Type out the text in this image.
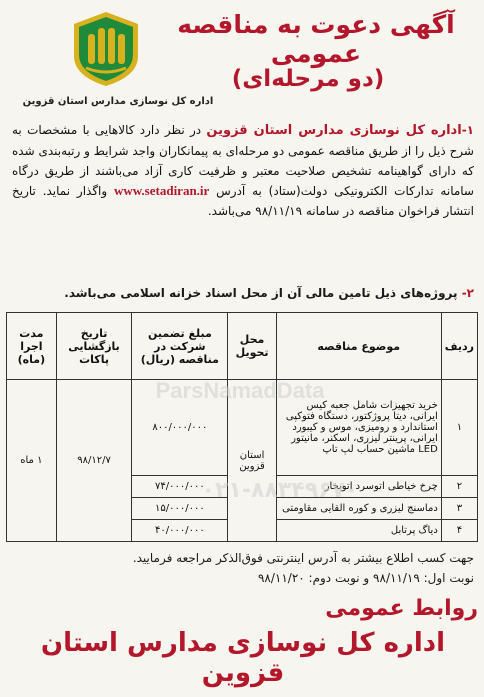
اداره کل نوسازی مدارس استان قزوین
آگهی دعوت به مناقصه عمومی
(دو مرحله‌ای)
۱-اداره کل نوسازی مدارس استان قزوین در نظر دارد کالاهایی با مشخصات به شرح ذیل را از طریق مناقصه عمومی دو مرحله‌ای به پیمانکاران واجد شرایط و رتبه‌بندی شده که دارای گواهینامه تشخیص صلاحیت معتبر و ظرفیت کاری آزاد می‌باشند از طریق درگاه سامانه تدارکات الکترونیکی دولت(ستاد) به آدرس www.setadiran.ir واگذار نماید. تاریخ انتشار فراخوان مناقصه در سامانه ۹۸/۱۱/۱۹ می‌باشد.
۲- پروژه‌های ذیل تامین مالی آن از محل اسناد خزانه اسلامی می‌باشد.
ردیف	موضوع مناقصه	محل تحویل	مبلغ تضمین شرکت در مناقصه (ریال)	تاریخ بازگشایی پاکات	مدت اجرا (ماه)
۱	خرید تجهیزات شامل جعبه کیس ایرانی، دیتا پروژکتور، دستگاه فتوکپی استاندارد و رومیزی، موس و کیبورد ایرانی، پرینتر لیزری، اسکنر، مانیتور LED ماشین حساب لپ تاپ	استان قزوین	۸۰۰/۰۰۰/۰۰۰	۹۸/۱۲/۷	۱ ماه
۲	چرخ خیاطی اتوسرد اتوبخار		۷۴/۰۰۰/۰۰۰		
۳	دماسنج لیزری و کوره القایی مقاومتی		۱۵/۰۰۰/۰۰۰		
۴	دیاگ پرتابل		۴۰/۰۰۰/۰۰۰		
ParsNamadData
۰۲۱-۸۸۳۴۹۶۷۰
جهت کسب اطلاع بیشتر به آدرس اینترنتی فوق‌الذکر مراجعه فرمایید.
نوبت اول: ۹۸/۱۱/۱۹ و نوبت دوم: ۹۸/۱۱/۲۰
روابط عمومی
اداره کل نوسازی مدارس استان قزوین
